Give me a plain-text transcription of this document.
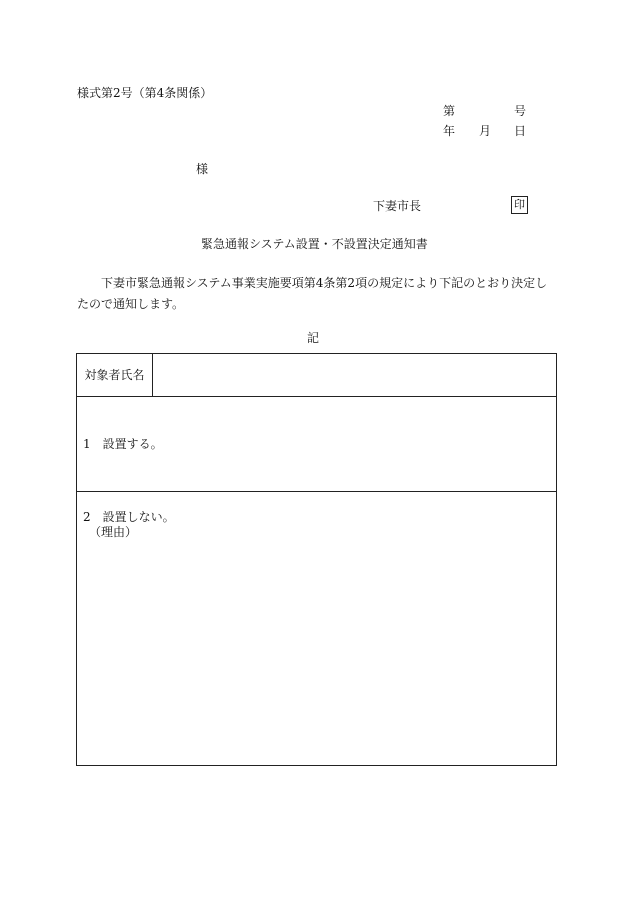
様式第2号（第4条関係）
第	号
年 月 日
様
下妻市長	印
緊急通報システム設置・不設置決定通知書
下妻市緊急通報システム事業実施要項第4条第2項の規定により下記のとおり決定したので通知します。
記
対象者氏名
1　設置する。
2　設置しない。
（理由）
